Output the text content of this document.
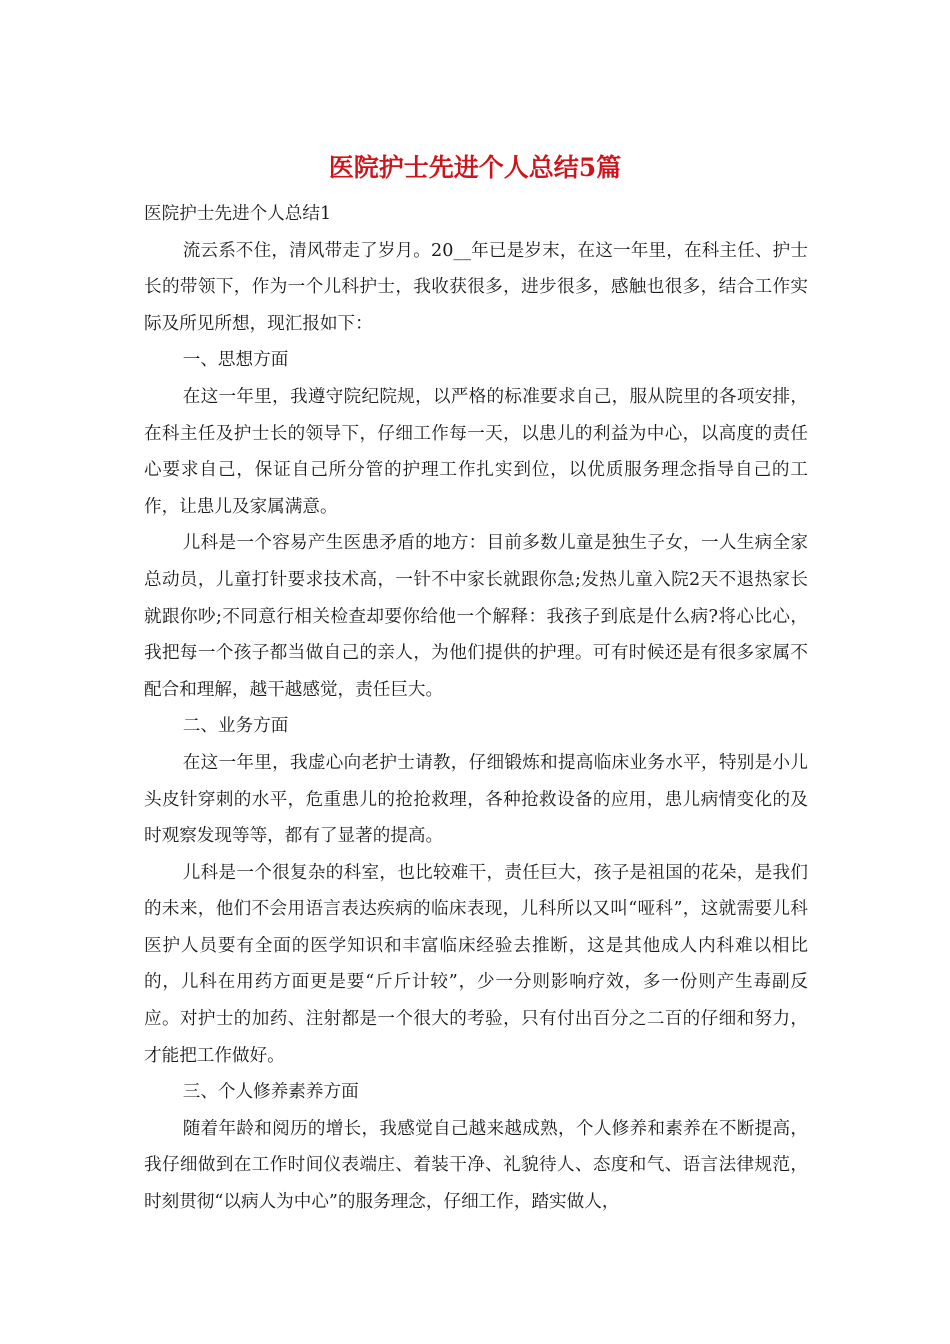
医院护士先进个人总结5篇

医院护士先进个人总结1

流云系不住，清风带走了岁月。20__年已是岁末，在这一年里，在科主任、护士长的带领下，作为一个儿科护士，我收获很多，进步很多，感触也很多，结合工作实际及所见所想，现汇报如下：

一、思想方面

在这一年里，我遵守院纪院规，以严格的标准要求自己，服从院里的各项安排，在科主任及护士长的领导下，仔细工作每一天，以患儿的利益为中心，以高度的责任心要求自己，保证自己所分管的护理工作扎实到位，以优质服务理念指导自己的工作，让患儿及家属满意。

儿科是一个容易产生医患矛盾的地方：目前多数儿童是独生子女，一人生病全家总动员，儿童打针要求技术高，一针不中家长就跟你急;发热儿童入院2天不退热家长就跟你吵;不同意行相关检查却要你给他一个解释：我孩子到底是什么病?将心比心，我把每一个孩子都当做自己的亲人，为他们提供的护理。可有时候还是有很多家属不配合和理解，越干越感觉，责任巨大。

二、业务方面

在这一年里，我虚心向老护士请教，仔细锻炼和提高临床业务水平，特别是小儿头皮针穿刺的水平，危重患儿的抢抢救理，各种抢救设备的应用，患儿病情变化的及时观察发现等等，都有了显著的提高。

儿科是一个很复杂的科室，也比较难干，责任巨大，孩子是祖国的花朵，是我们的未来，他们不会用语言表达疾病的临床表现，儿科所以又叫“哑科”，这就需要儿科医护人员要有全面的医学知识和丰富临床经验去推断，这是其他成人内科难以相比的，儿科在用药方面更是要“斤斤计较”，少一分则影响疗效，多一份则产生毒副反应。对护士的加药、注射都是一个很大的考验，只有付出百分之二百的仔细和努力，才能把工作做好。

三、个人修养素养方面

随着年龄和阅历的增长，我感觉自己越来越成熟，个人修养和素养在不断提高，我仔细做到在工作时间仪表端庄、着装干净、礼貌待人、态度和气、语言法律规范，时刻贯彻“以病人为中心”的服务理念，仔细工作，踏实做人，
